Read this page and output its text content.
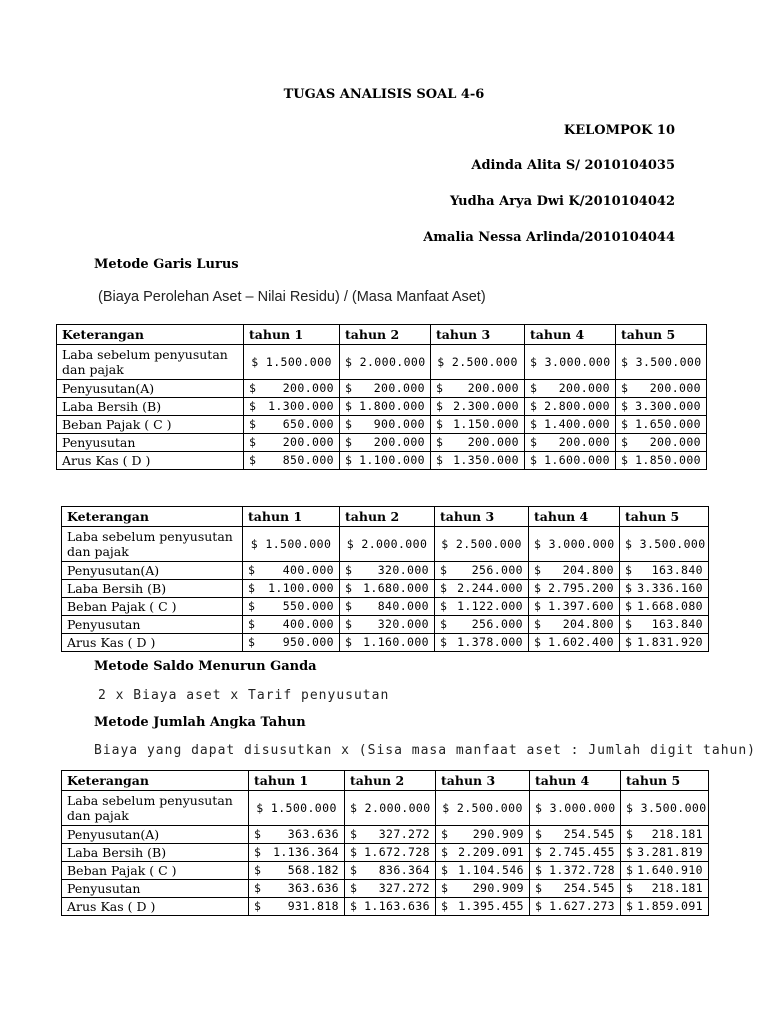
TUGAS ANALISIS SOAL 4-6
KELOMPOK 10
Adinda Alita S/ 2010104035
Yudha Arya Dwi K/2010104042
Amalia Nessa Arlinda/2010104044
Metode Garis Lurus
(Biaya Perolehan Aset – Nilai Residu) / (Masa Manfaat Aset)
Keterangan	tahun 1	tahun 2	tahun 3	tahun 4	tahun 5
Laba sebelum penyusutan dan pajak	$ 1.500.000	$ 2.000.000	$ 2.500.000	$ 3.000.000	$ 3.500.000
Penyusutan(A)	$ 200.000	$ 200.000	$ 200.000	$ 200.000	$ 200.000

Laba Bersih (B)	$ 1.300.000	$ 1.800.000	$ 2.300.000	$ 2.800.000	$ 3.300.000

Beban Pajak ( C )	$ 650.000	$ 900.000	$ 1.150.000	$ 1.400.000	$ 1.650.000

Penyusutan	$ 200.000	$ 200.000	$ 200.000	$ 200.000	$ 200.000

Arus Kas ( D )	$ 850.000	$ 1.100.000	$ 1.350.000	$ 1.600.000	$ 1.850.000
Keterangan	tahun 1	tahun 2	tahun 3	tahun 4	tahun 5
Laba sebelum penyusutan dan pajak	$ 1.500.000	$ 2.000.000	$ 2.500.000	$ 3.000.000	$ 3.500.000
Penyusutan(A)	$ 400.000	$ 320.000	$ 256.000	$ 204.800	$ 163.840

Laba Bersih (B)	$ 1.100.000	$ 1.680.000	$ 2.244.000	$ 2.795.200	$ 3.336.160

Beban Pajak ( C )	$ 550.000	$ 840.000	$ 1.122.000	$ 1.397.600	$ 1.668.080

Penyusutan	$ 400.000	$ 320.000	$ 256.000	$ 204.800	$ 163.840

Arus Kas ( D )	$ 950.000	$ 1.160.000	$ 1.378.000	$ 1.602.400	$ 1.831.920
Metode Saldo Menurun Ganda
2 x Biaya aset x Tarif penyusutan
Metode Jumlah Angka Tahun
Biaya yang dapat disusutkan x (Sisa masa manfaat aset : Jumlah digit tahun)
Keterangan	tahun 1	tahun 2	tahun 3	tahun 4	tahun 5
Laba sebelum penyusutan dan pajak	$ 1.500.000	$ 2.000.000	$ 2.500.000	$ 3.000.000	$ 3.500.000
Penyusutan(A)	$ 363.636	$ 327.272	$ 290.909	$ 254.545	$ 218.181

Laba Bersih (B)	$ 1.136.364	$ 1.672.728	$ 2.209.091	$ 2.745.455	$ 3.281.819

Beban Pajak ( C )	$ 568.182	$ 836.364	$ 1.104.546	$ 1.372.728	$ 1.640.910

Penyusutan	$ 363.636	$ 327.272	$ 290.909	$ 254.545	$ 218.181

Arus Kas ( D )	$ 931.818	$ 1.163.636	$ 1.395.455	$ 1.627.273	$ 1.859.091
